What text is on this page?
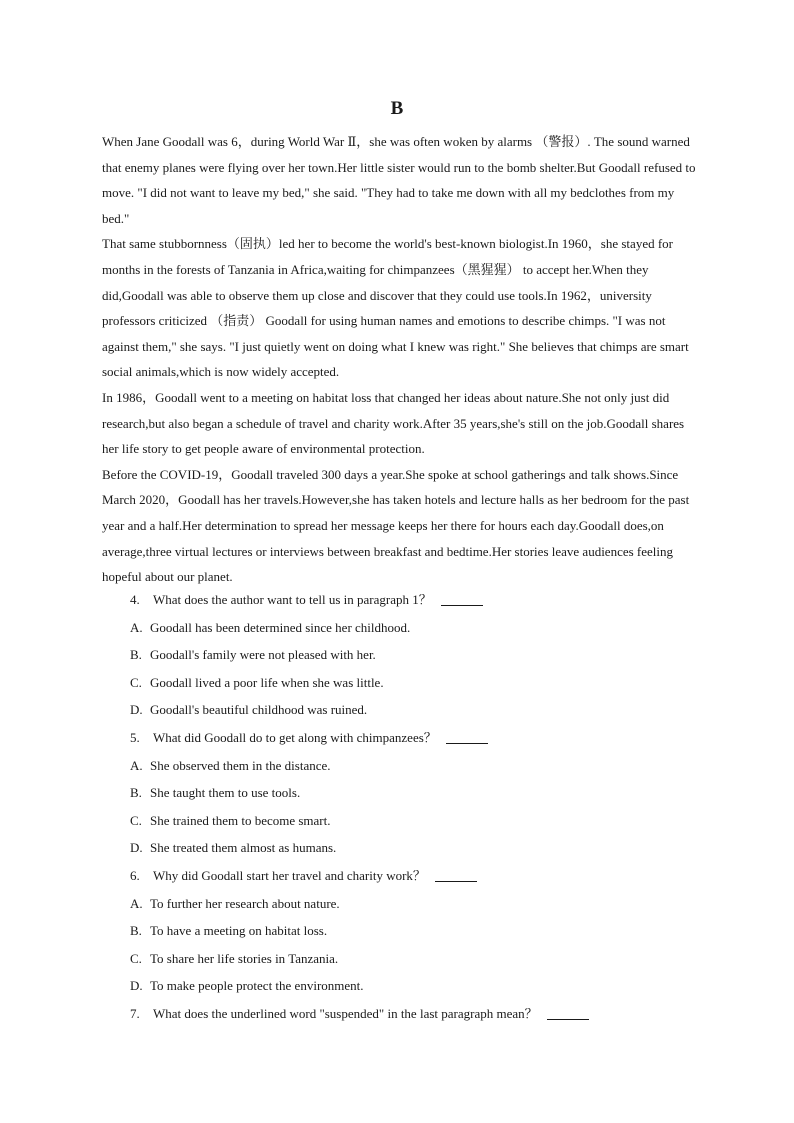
B

When Jane Goodall was 6，during World War Ⅱ，she was often woken by alarms （警报）. The sound warned that enemy planes were flying over her town.Her little sister would run to the bomb shelter.But Goodall refused to move. "I did not want to leave my bed," she said. "They had to take me down with all my bedclothes from my bed."

That same stubbornness（固执）led her to become the world's best-known biologist.In 1960，she stayed for months in the forests of Tanzania in Africa,waiting for chimpanzees（黑猩猩） to accept her.When they did,Goodall was able to observe them up close and discover that they could use tools.In 1962，university professors criticized （指责） Goodall for using human names and emotions to describe chimps. "I was not against them," she says. "I just quietly went on doing what I knew was right." She believes that chimps are smart social animals,which is now widely accepted.

In 1986，Goodall went to a meeting on habitat loss that changed her ideas about nature.She not only just did research,but also began a schedule of travel and charity work.After 35 years,she's still on the job.Goodall shares her life story to get people aware of environmental protection.

Before the COVID-19，Goodall traveled 300 days a year.She spoke at school gatherings and talk shows.Since March 2020，Goodall has her travels.However,she has taken hotels and lecture halls as her bedroom for the past year and a half.Her determination to spread her message keeps her there for hours each day.Goodall does,on average,three virtual lectures or interviews between breakfast and bedtime.Her stories leave audiences feeling hopeful about our planet.

4. What does the author want to tell us in paragraph 1？
A. Goodall has been determined since her childhood.
B. Goodall's family were not pleased with her.
C. Goodall lived a poor life when she was little.
D. Goodall's beautiful childhood was ruined.
5. What did Goodall do to get along with chimpanzees？
A. She observed them in the distance.
B. She taught them to use tools.
C. She trained them to become smart.
D. She treated them almost as humans.
6. Why did Goodall start her travel and charity work？
A. To further her research about nature.
B. To have a meeting on habitat loss.
C. To share her life stories in Tanzania.
D. To make people protect the environment.
7. What does the underlined word "suspended" in the last paragraph mean？
